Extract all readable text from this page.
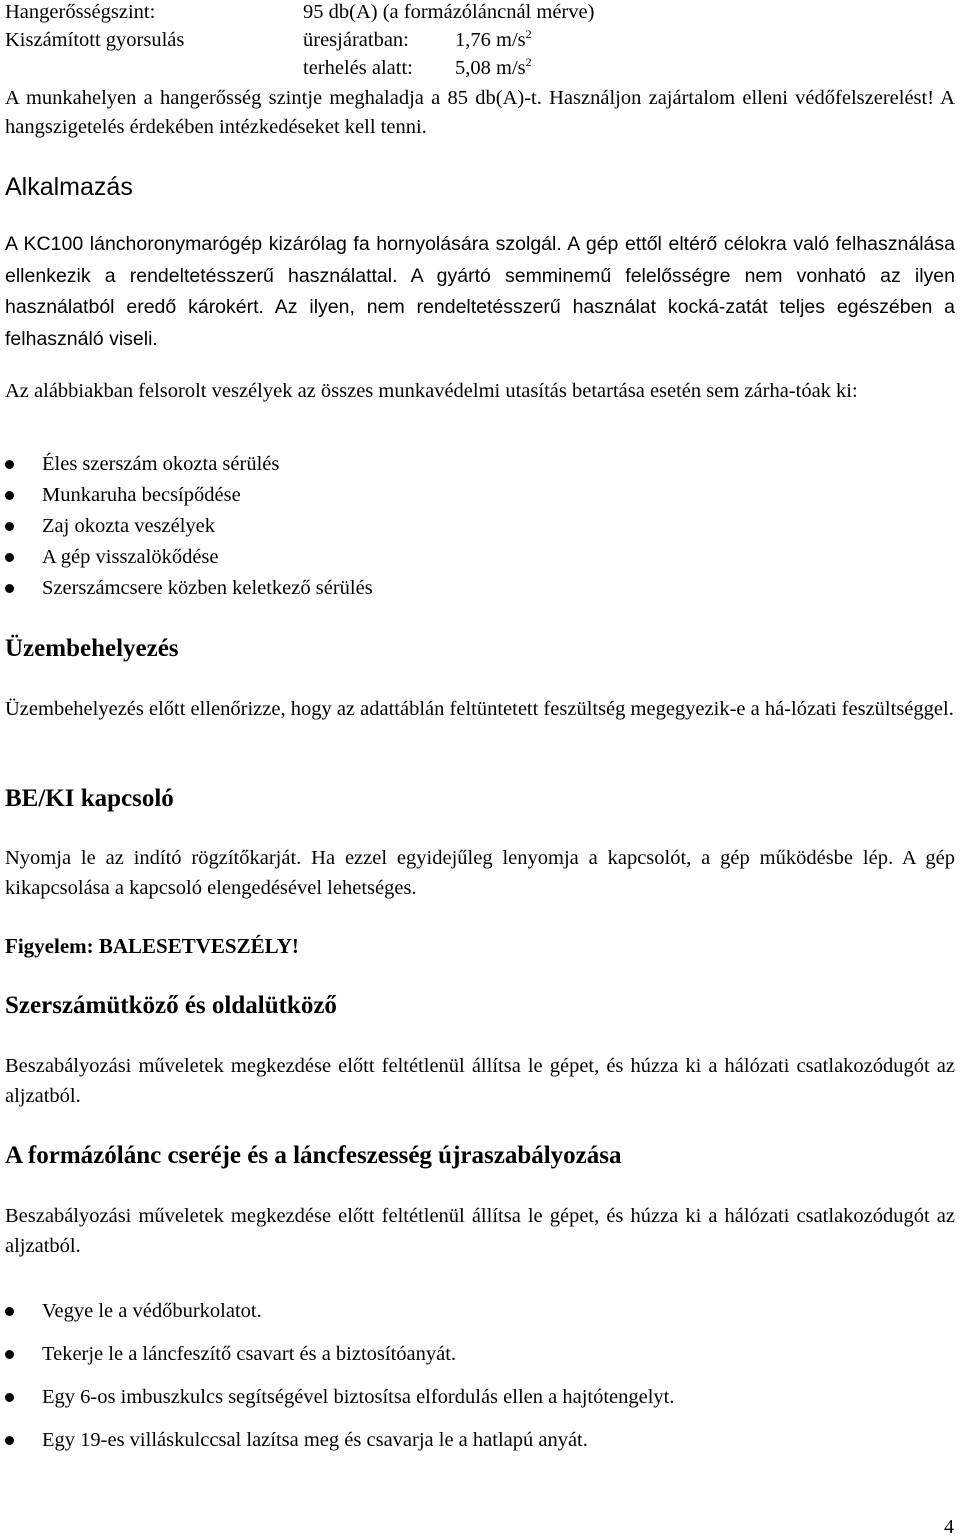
Hangerősségszint:	95 db(A) (a formázóláncnál mérve)
Kiszámított gyorsulás	üresjáratban: 1,76 $m/s^2$
terhelés alatt: 5,08 $m/s^2$

A munkahelyen a hangerősség szintje meghaladja a 85 db(A)-t. Használjon zajártalom elleni védőfelszerelést! A hangszigetelés érdekében intézkedéseket kell tenni.

Alkalmazás

A KC100 lánchoronymarógép kizárólag fa hornyolására szolgál. A gép ettől eltérő célokra való felhasználása ellenkezik a rendeltetésszerű használattal. A gyártó semminemű felelősségre nem vonható az ilyen használatból eredő károkért. Az ilyen, nem rendeltetésszerű használat kocká-zatát teljes egészében a felhasználó viseli.

Az alábbiakban felsorolt veszélyek az összes munkavédelmi utasítás betartása esetén sem zárha-tóak ki:

Éles szerszám okozta sérülés
Munkaruha becsípődése
Zaj okozta veszélyek
A gép visszalökődése
Szerszámcsere közben keletkező sérülés
Üzembehelyezés

Üzembehelyezés előtt ellenőrizze, hogy az adattáblán feltüntetett feszültség megegyezik-e a há-lózati feszültséggel.

BE/KI kapcsoló

Nyomja le az indító rögzítőkarját. Ha ezzel egyidejűleg lenyomja a kapcsolót, a gép működésbe lép. A gép kikapcsolása a kapcsoló elengedésével lehetséges.

Figyelem: BALESETVESZÉLY!

Szerszámütköző és oldalütköző

Beszabályozási műveletek megkezdése előtt feltétlenül állítsa le gépet, és húzza ki a hálózati csatlakozódugót az aljzatból.

A formázólánc cseréje és a láncfeszesség újraszabályozása

Beszabályozási műveletek megkezdése előtt feltétlenül állítsa le gépet, és húzza ki a hálózati csatlakozódugót az aljzatból.

Vegye le a védőburkolatot.
Tekerje le a láncfeszítő csavart és a biztosítóanyát.
Egy 6-os imbuszkulcs segítségével biztosítsa elfordulás ellen a hajtótengelyt.
Egy 19-es villáskulccsal lazítsa meg és csavarja le a hatlapú anyát.
4
